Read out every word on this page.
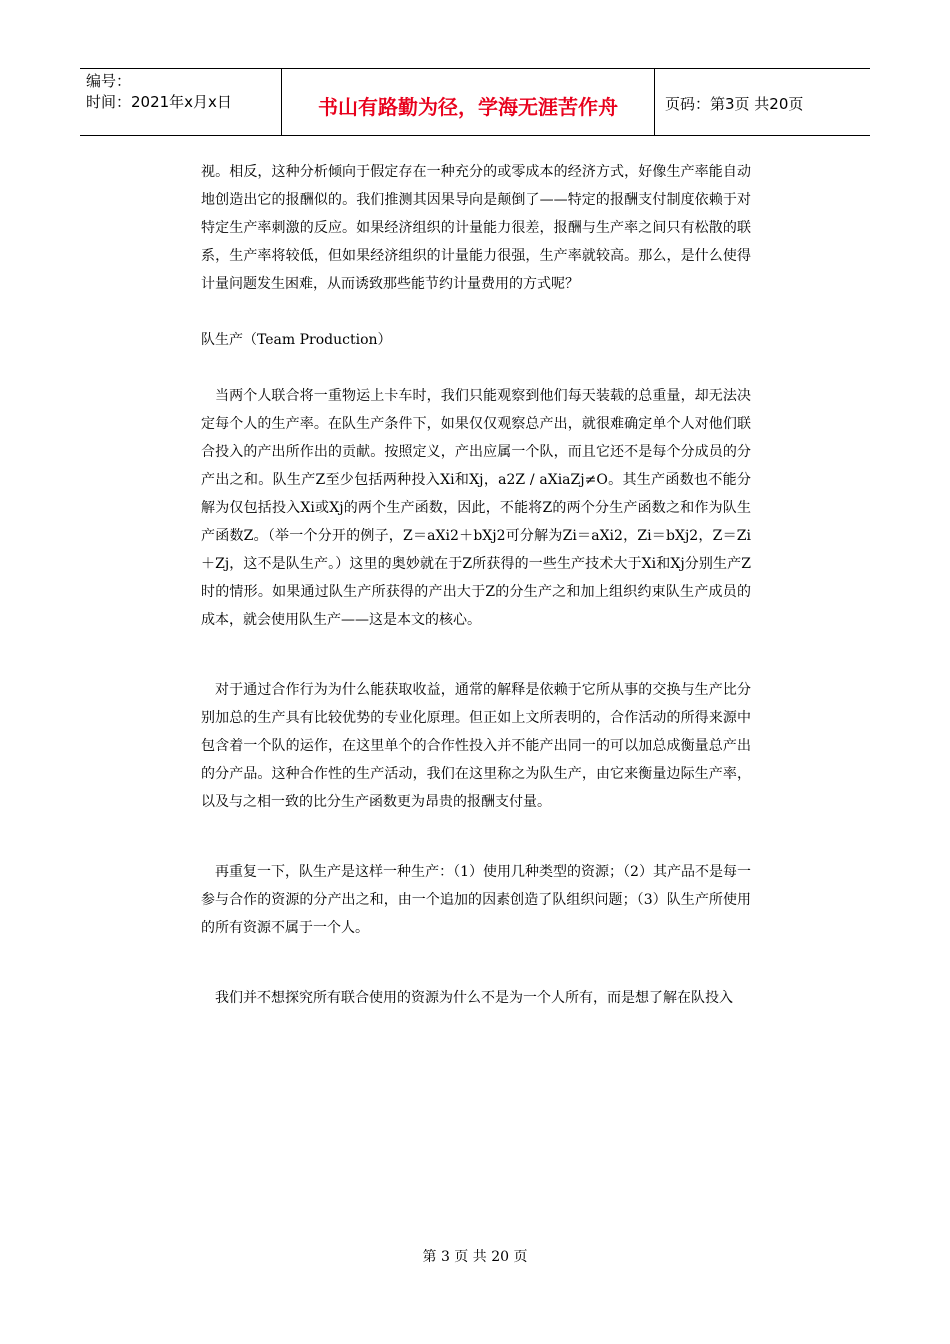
编号：
时间：2021年x月x日	书山有路勤为径，学海无涯苦作舟	页码：第3页 共20页

视。相反，这种分析倾向于假定存在一种充分的或零成本的经济方式，好像生产率能自动地创造出它的报酬似的。我们推测其因果导向是颠倒了——特定的报酬支付制度依赖于对特定生产率刺激的反应。如果经济组织的计量能力很差，报酬与生产率之间只有松散的联系，生产率将较低，但如果经济组织的计量能力很强，生产率就较高。那么，是什么使得计量问题发生困难，从而诱致那些能节约计量费用的方式呢？

队生产（Team Production）

当两个人联合将一重物运上卡车时，我们只能观察到他们每天装载的总重量，却无法决定每个人的生产率。在队生产条件下，如果仅仅观察总产出，就很难确定单个人对他们联合投入的产出所作出的贡献。按照定义，产出应属一个队，而且它还不是每个分成员的分产出之和。队生产Z至少包括两种投入Xi和Xj，a2Z / aXiaZj≠O。其生产函数也不能分解为仅包括投入Xi或Xj的两个生产函数，因此，不能将Z的两个分生产函数之和作为队生产函数Z。（举一个分开的例子，Z＝aXi2＋bXj2可分解为Zi＝aXi2，Zi＝bXj2，Z＝Zi＋Zj，这不是队生产。）这里的奥妙就在于Z所获得的一些生产技术大于Xi和Xj分别生产Z时的情形。如果通过队生产所获得的产出大于Z的分生产之和加上组织约束队生产成员的成本，就会使用队生产——这是本文的核心。

对于通过合作行为为什么能获取收益，通常的解释是依赖于它所从事的交换与生产比分别加总的生产具有比较优势的专业化原理。但正如上文所表明的，合作活动的所得来源中包含着一个队的运作，在这里单个的合作性投入并不能产出同一的可以加总成衡量总产出的分产品。这种合作性的生产活动，我们在这里称之为队生产，由它来衡量边际生产率，以及与之相一致的比分生产函数更为昂贵的报酬支付量。

再重复一下，队生产是这样一种生产：（1）使用几种类型的资源；（2）其产品不是每一参与合作的资源的分产出之和，由一个追加的因素创造了队组织问题；（3）队生产所使用的所有资源不属于一个人。

我们并不想探究所有联合使用的资源为什么不是为一个人所有，而是想了解在队投入

第 3 页 共 20 页
